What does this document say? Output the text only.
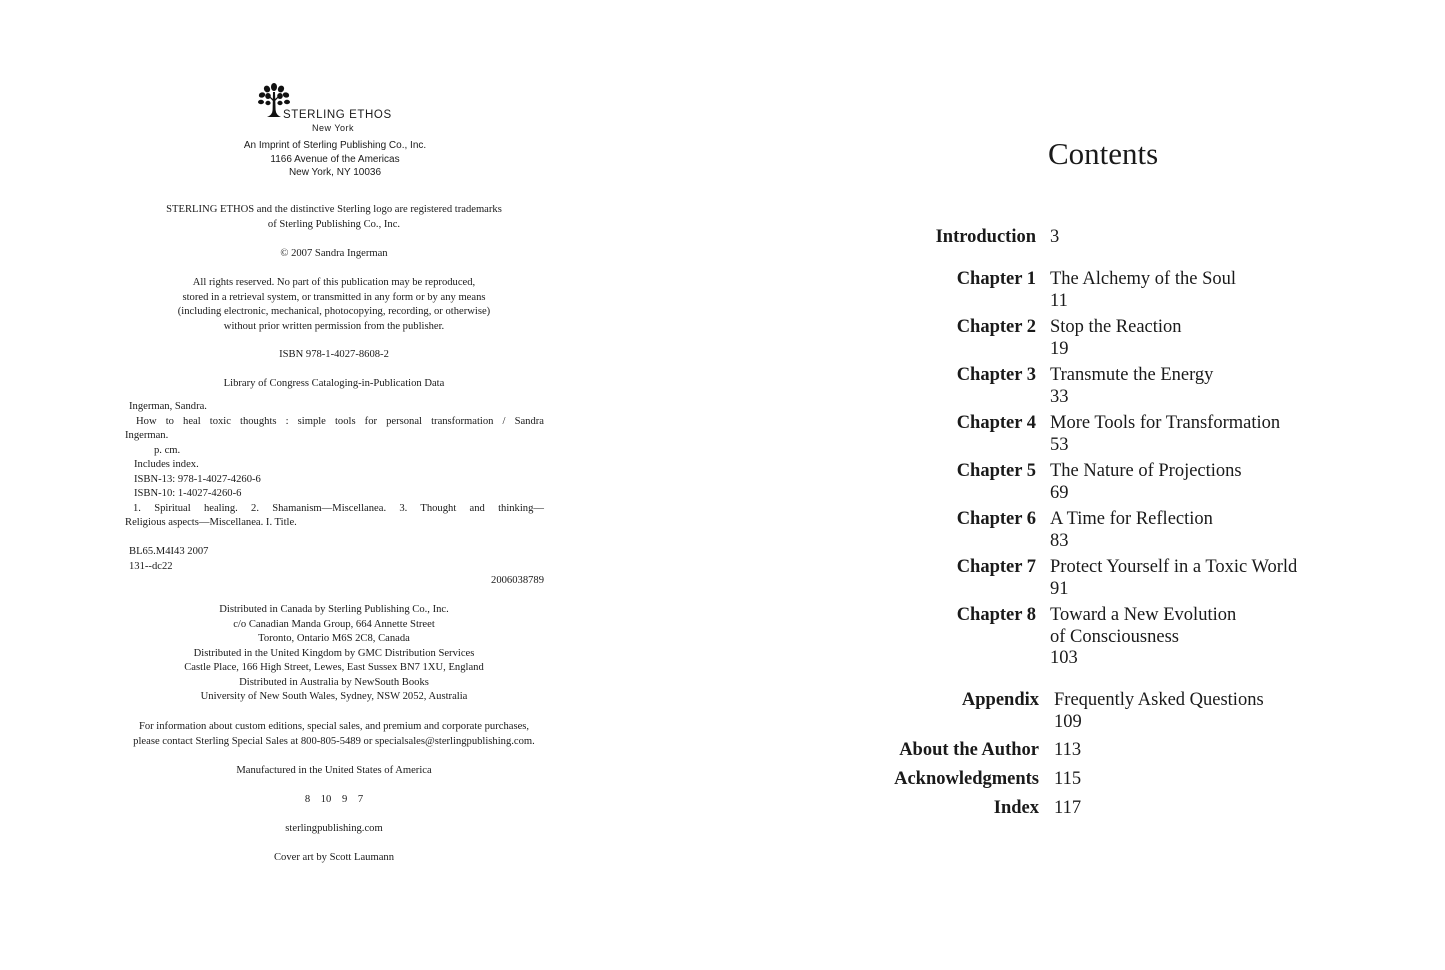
STERLING ETHOS
New York
An Imprint of Sterling Publishing Co., Inc.
1166 Avenue of the Americas
New York, NY 10036
STERLING ETHOS and the distinctive Sterling logo are registered trademarks
of Sterling Publishing Co., Inc.
© 2007 Sandra Ingerman
All rights reserved. No part of this publication may be reproduced,
stored in a retrieval system, or transmitted in any form or by any means
(including electronic, mechanical, photocopying, recording, or otherwise)
without prior written permission from the publisher.
ISBN 978-1-4027-8608-2
Library of Congress Cataloging-in-Publication Data
Ingerman, Sandra.
How to heal toxic thoughts : simple tools for personal transformation / Sandra
Ingerman.
p. cm.
Includes index.
ISBN-13: 978-1-4027-4260-6
ISBN-10: 1-4027-4260-6
1. Spiritual healing. 2. Shamanism—Miscellanea. 3. Thought and thinking—
Religious aspects—Miscellanea. I. Title.
BL65.M4I43 2007
131--dc22
2006038789
Distributed in Canada by Sterling Publishing Co., Inc.
c/o Canadian Manda Group, 664 Annette Street
Toronto, Ontario M6S 2C8, Canada
Distributed in the United Kingdom by GMC Distribution Services
Castle Place, 166 High Street, Lewes, East Sussex BN7 1XU, England
Distributed in Australia by NewSouth Books
University of New South Wales, Sydney, NSW 2052, Australia
For information about custom editions, special sales, and premium and corporate purchases,
please contact Sterling Special Sales at 800-805-5489 or specialsales@sterlingpublishing.com.
Manufactured in the United States of America
8    10    9    7
sterlingpublishing.com
Cover art by Scott Laumann
Contents
Introduction 3
Chapter 1 The Alchemy of the Soul
11
Chapter 2 Stop the Reaction
19
Chapter 3 Transmute the Energy
33
Chapter 4 More Tools for Transformation
53
Chapter 5 The Nature of Projections
69
Chapter 6 A Time for Reflection
83
Chapter 7 Protect Yourself in a Toxic World
91
Chapter 8 Toward a New Evolution
of Consciousness
103
Appendix Frequently Asked Questions
109
About the Author 113
Acknowledgments 115
Index 117
